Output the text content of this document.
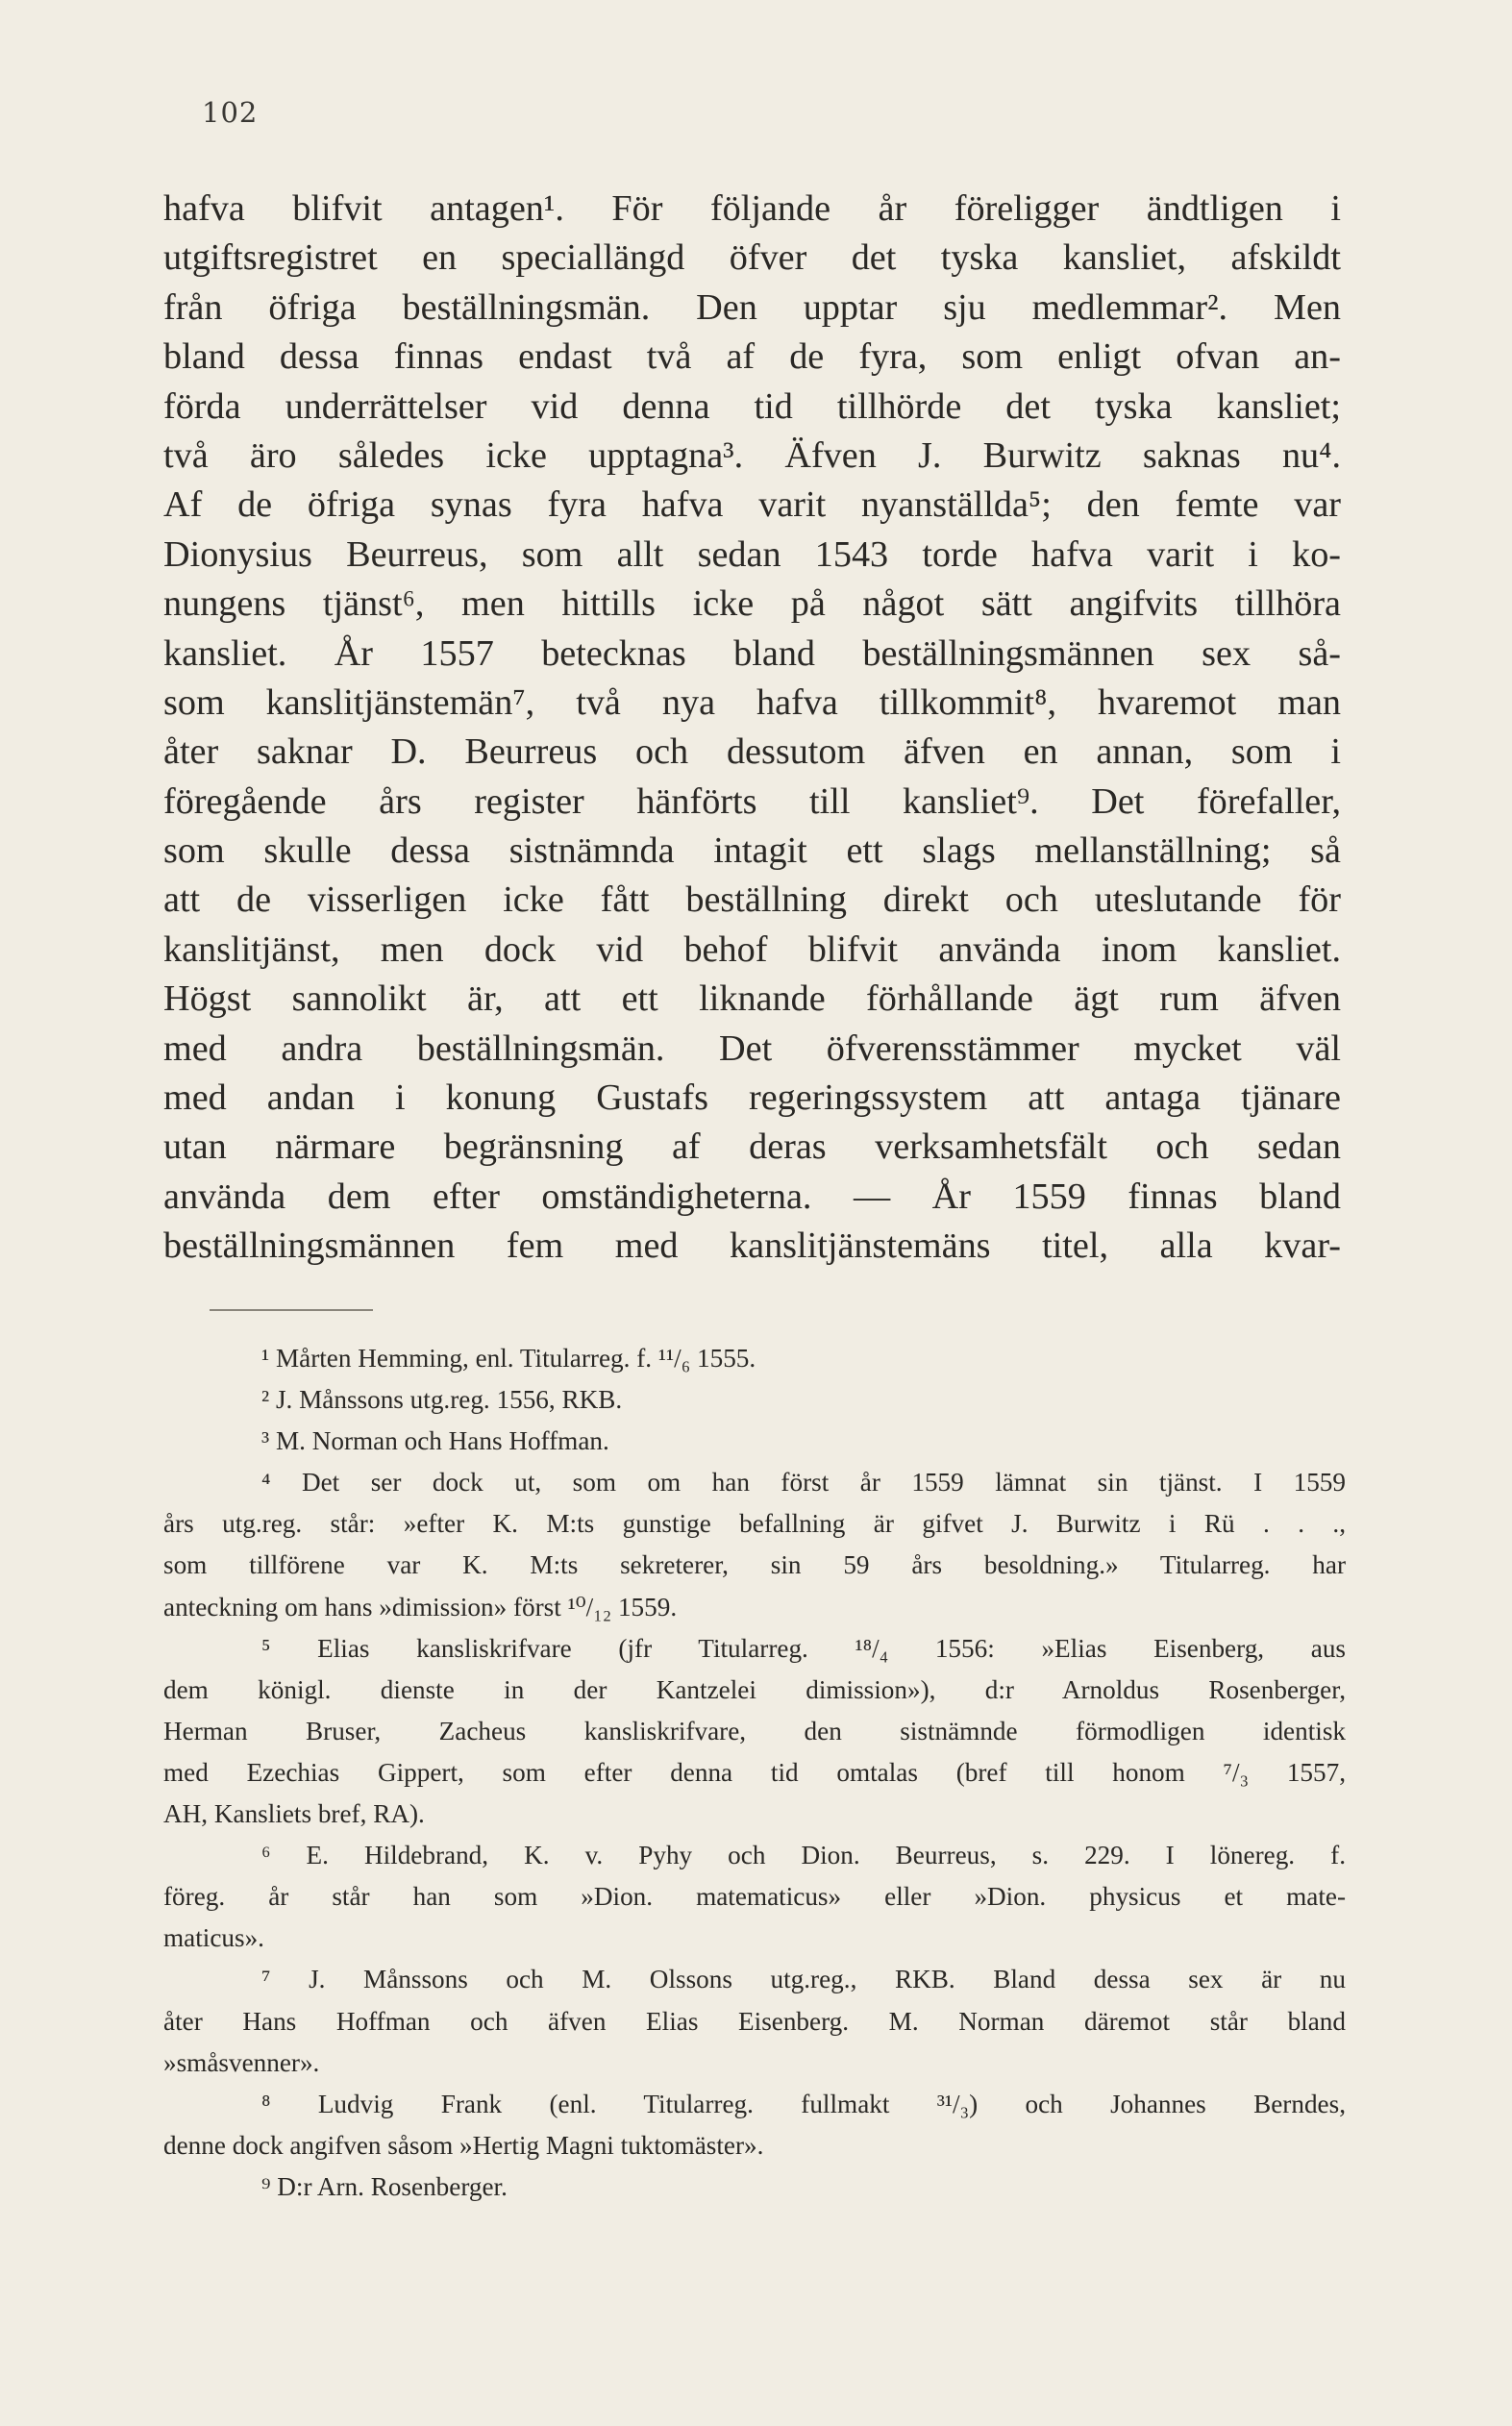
102
hafva blifvit antagen¹. För följande år föreligger ändtligen i
utgiftsregistret en speciallängd öfver det tyska kansliet, afskildt
från öfriga beställningsmän. Den upptar sju medlemmar². Men
bland dessa finnas endast två af de fyra, som enligt ofvan an-
förda underrättelser vid denna tid tillhörde det tyska kansliet;
två äro således icke upptagna³. Äfven J. Burwitz saknas nu⁴.
Af de öfriga synas fyra hafva varit nyanställda⁵; den femte var
Dionysius Beurreus, som allt sedan 1543 torde hafva varit i ko-
nungens tjänst⁶, men hittills icke på något sätt angifvits tillhöra
kansliet. År 1557 betecknas bland beställningsmännen sex så-
som kanslitjänstemän⁷, två nya hafva tillkommit⁸, hvaremot man
åter saknar D. Beurreus och dessutom äfven en annan, som i
föregående års register hänförts till kansliet⁹. Det förefaller,
som skulle dessa sistnämnda intagit ett slags mellanställning; så
att de visserligen icke fått beställning direkt och uteslutande för
kanslitjänst, men dock vid behof blifvit använda inom kansliet.
Högst sannolikt är, att ett liknande förhållande ägt rum äfven
med andra beställningsmän. Det öfverensstämmer mycket väl
med andan i konung Gustafs regeringssystem att antaga tjänare
utan närmare begränsning af deras verksamhetsfält och sedan
använda dem efter omständigheterna. — År 1559 finnas bland
beställningsmännen fem med kanslitjänstemäns titel, alla kvar-
¹ Mårten Hemming, enl. Titularreg. f. ¹¹/₆ 1555.
² J. Månssons utg.reg. 1556, RKB.
³ M. Norman och Hans Hoffman.
⁴ Det ser dock ut, som om han först år 1559 lämnat sin tjänst. I 1559
års utg.reg. står: »efter K. M:ts gunstige befallning är gifvet J. Burwitz i Rü . . .,
som tillförene var K. M:ts sekreterer, sin 59 års besoldning.» Titularreg. har
anteckning om hans »dimission» först ¹⁰/₁₂ 1559.
⁵ Elias kansliskrifvare (jfr Titularreg. ¹⁸/₄ 1556: »Elias Eisenberg, aus
dem königl. dienste in der Kantzelei dimission»), d:r Arnoldus Rosenberger,
Herman Bruser, Zacheus kansliskrifvare, den sistnämnde förmodligen identisk
med Ezechias Gippert, som efter denna tid omtalas (bref till honom ⁷/₃ 1557,
AH, Kansliets bref, RA).
⁶ E. Hildebrand, K. v. Pyhy och Dion. Beurreus, s. 229. I lönereg. f.
föreg. år står han som »Dion. matematicus» eller »Dion. physicus et mate-
maticus».
⁷ J. Månssons och M. Olssons utg.reg., RKB. Bland dessa sex är nu
åter Hans Hoffman och äfven Elias Eisenberg. M. Norman däremot står bland
»småsvenner».
⁸ Ludvig Frank (enl. Titularreg. fullmakt ³¹/₃) och Johannes Berndes,
denne dock angifven såsom »Hertig Magni tuktomäster».
⁹ D:r Arn. Rosenberger.
